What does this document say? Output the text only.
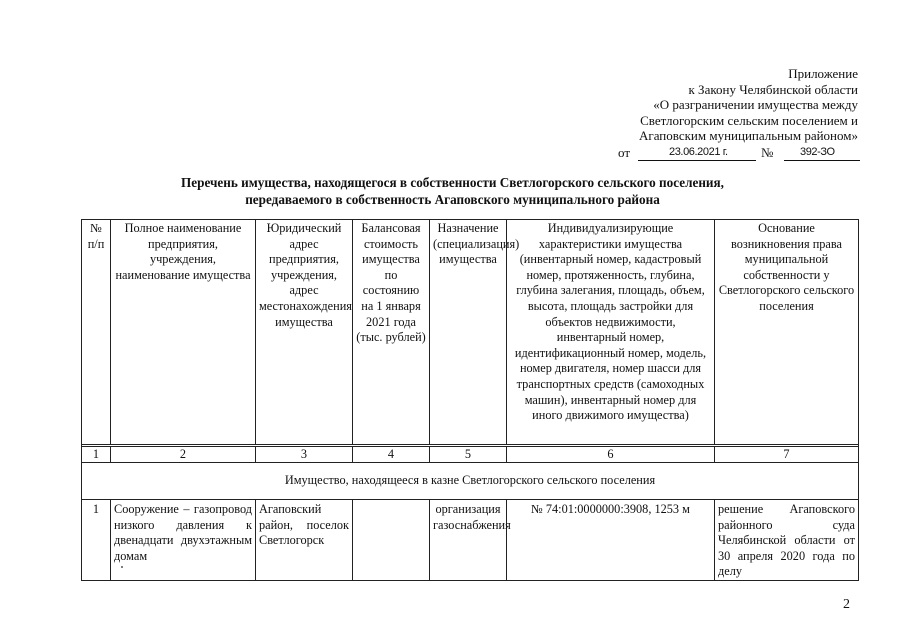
Приложение
к Закону Челябинской области
«О разграничении имущества между
Светлогорским сельским поселением и
Агаповским муниципальным районом»
от	23.06.2021 г.	№ 392-ЗО
Перечень имущества, находящегося в собственности Светлогорского сельского поселения,
передаваемого в собственность Агаповского муниципального района
№ п/п	Полное наименование предприятия, учреждения, наименование имущества	Юридический адрес предприятия, учреждения, адрес местонахождения имущества	Балансовая стоимость имущества по состоянию на 1 января 2021 года (тыс. рублей)	Назначение (специализация) имущества	Индивидуализирующие характеристики имущества (инвентарный номер, кадастровый номер, протяженность, глубина, глубина залегания, площадь, объем, высота, площадь застройки для объектов недвижимости, инвентарный номер, идентификационный номер, модель, номер двигателя, номер шасси для транспортных средств (самоходных машин), инвентарный номер для иного движимого имущества)	Основание возникновения права муниципальной собственности у Светлогорского сельского поселения

1	2	3	4	5	6	7
Имущество, находящееся в казне Светлогорского сельского поселения						
1	Сооружение – газопровод низкого давления к двенадцати двухэтажным домам	Агаповский район, поселок Светлогорск		организация газоснабжения	№ 74:01:0000000:3908, 1253 м	решение Агаповского районного суда Челябинской области от 30 апреля 2020 года по делу
2
